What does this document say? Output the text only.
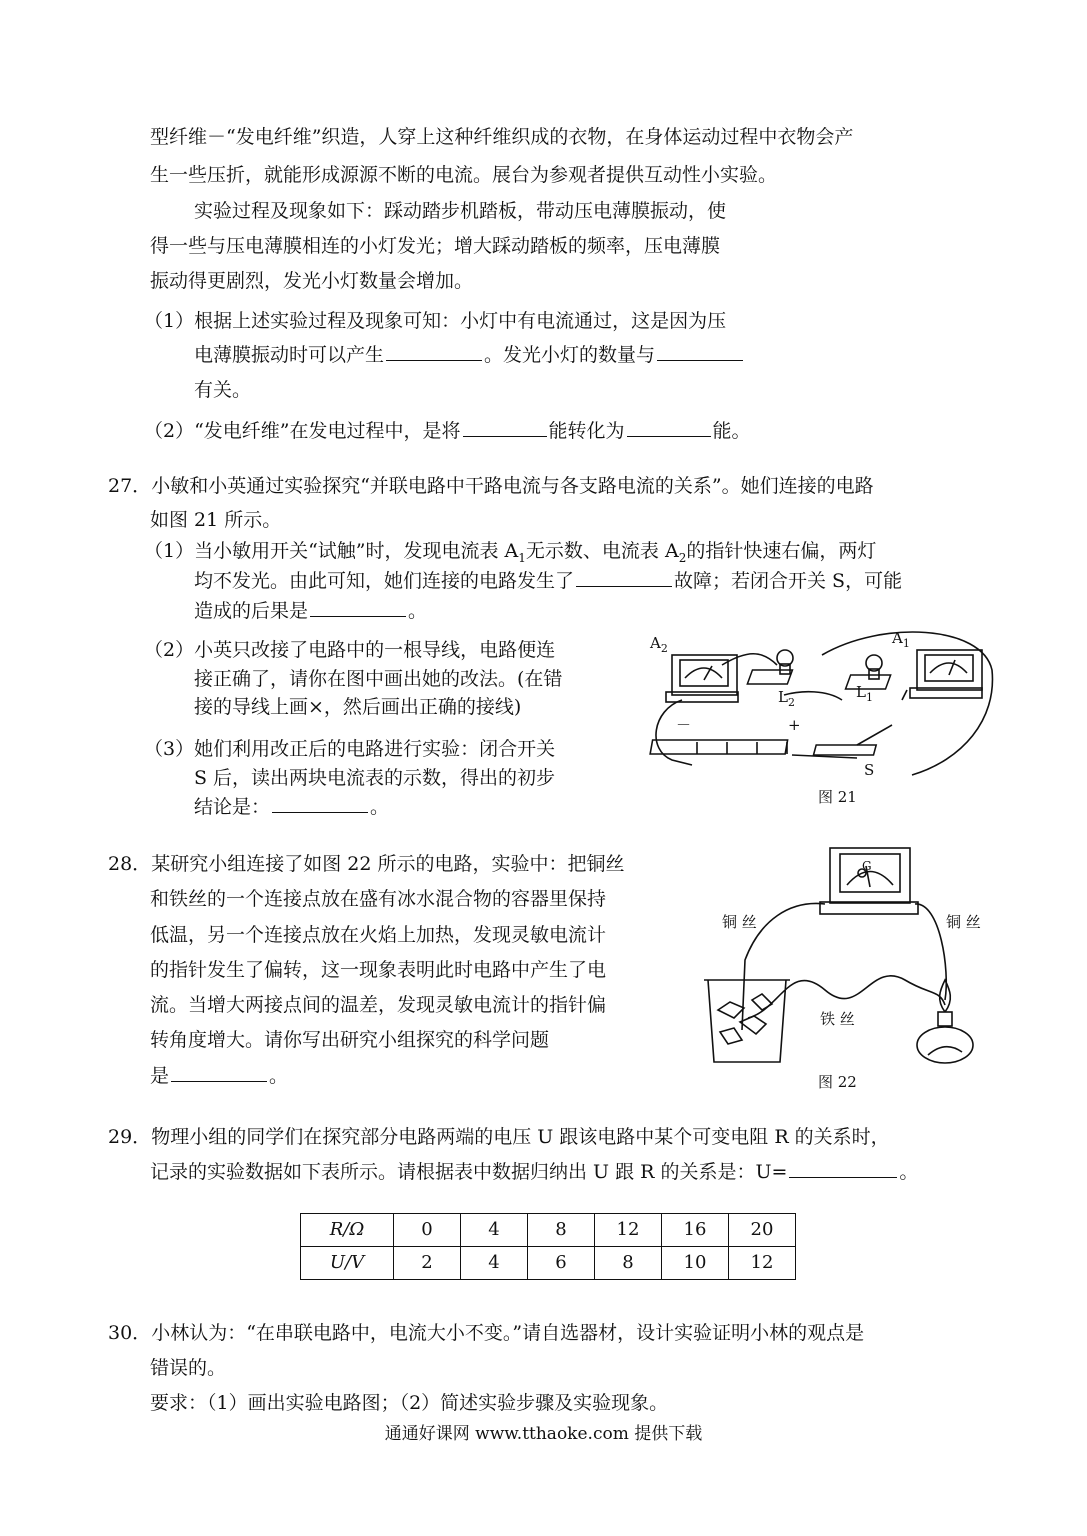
型纤维－“发电纤维”织造，人穿上这种纤维织成的衣物，在身体运动过程中衣物会产
生一些压折，就能形成源源不断的电流。展台为参观者提供互动性小实验。
实验过程及现象如下：踩动踏步机踏板，带动压电薄膜振动，使
得一些与压电薄膜相连的小灯发光；增大踩动踏板的频率，压电薄膜
振动得更剧烈，发光小灯数量会增加。
（1）根据上述实验过程及现象可知：小灯中有电流通过，这是因为压
电薄膜振动时可以产生	。发光小灯的数量与
有关。
（2）“发电纤维”在发电过程中，是将	能转化为	能。
27．小敏和小英通过实验探究“并联电路中干路电流与各支路电流的关系”。她们连接的电路
如图 21 所示。
（1）当小敏用开关“试触”时，发现电流表 $A_1$无示数、电流表 $A_2$的指针快速右偏，两灯
均不发光。由此可知，她们连接的电路发生了	故障；若闭合开关 S，可能
造成的后果是	。
（2）小英只改接了电路中的一根导线，电路便连
接正确了，请你在图中画出她的改法。(在错
接的导线上画×，然后画出正确的接线)
（3）她们利用改正后的电路进行实验：闭合开关
S 后，读出两块电流表的示数，得出的初步
结论是：	。
$A_2$
$A_1$
$L_2$
$L_1$
－	+
S
图 21
28．某研究小组连接了如图 22 所示的电路，实验中：把铜丝
和铁丝的一个连接点放在盛有冰水混合物的容器里保持
低温，另一个连接点放在火焰上加热，发现灵敏电流计
的指针发生了偏转，这一现象表明此时电路中产生了电
流。当增大两接点间的温差，发现灵敏电流计的指针偏
转角度增大。请你写出研究小组探究的科学问题
是	。
铜 丝	铜 丝
铁 丝
G
图 22
29．物理小组的同学们在探究部分电路两端的电压 U 跟该电路中某个可变电阻 R 的关系时，
记录的实验数据如下表所示。请根据表中数据归纳出 U 跟 R 的关系是：U=	。
R/Ω	0	4	8	12	16	20
U/V	2	4	6	8	10	12
30．小林认为：“在串联电路中，电流大小不变。”请自选器材，设计实验证明小林的观点是
错误的。
要求：（1）画出实验电路图；（2）简述实验步骤及实验现象。
通通好课网 www.tthaoke.com 提供下载
